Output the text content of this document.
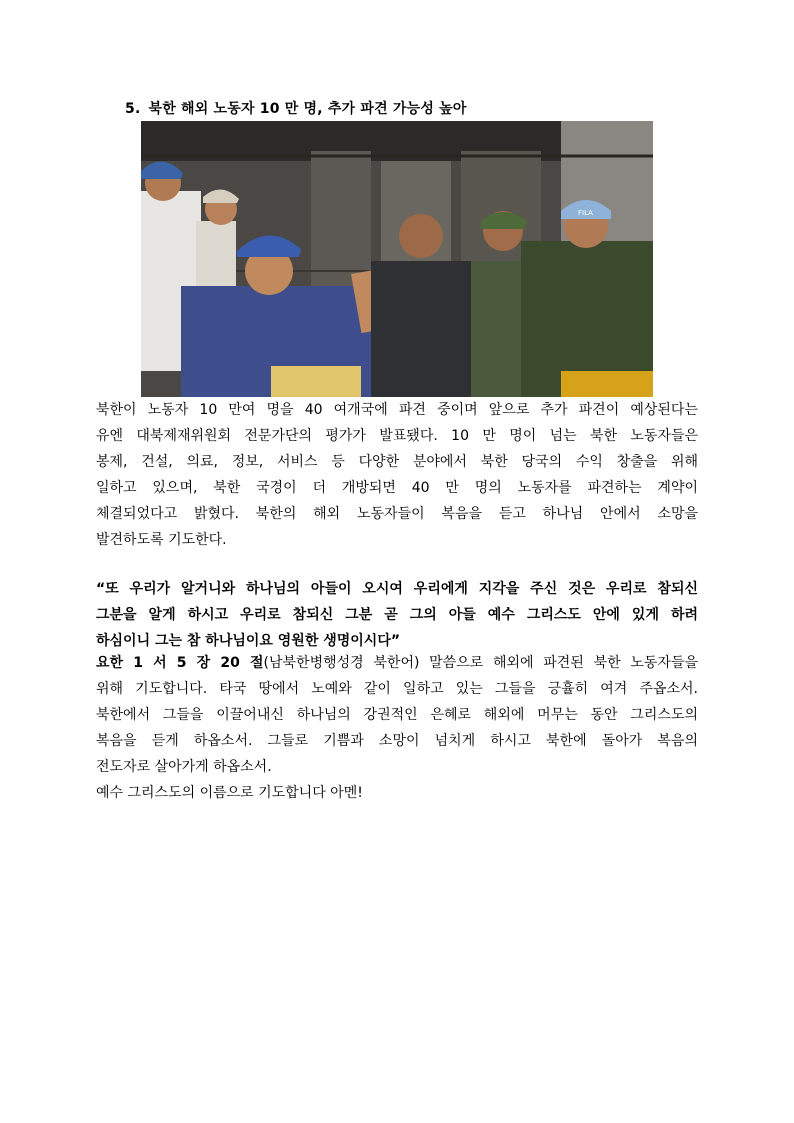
5. 북한 해외 노동자 10 만 명, 추가 파견 가능성 높아
FILA
북한이 노동자 10 만여 명을 40 여개국에 파견 중이며 앞으로 추가 파견이 예상된다는
유엔 대북제재위원회 전문가단의 평가가 발표됐다. 10 만 명이 넘는 북한 노동자들은
봉제, 건설, 의료, 정보, 서비스 등 다양한 분야에서 북한 당국의 수익 창출을 위해
일하고 있으며, 북한 국경이 더 개방되면 40 만 명의 노동자를 파견하는 계약이
체결되었다고 밝혔다. 북한의 해외 노동자들이 복음을 듣고 하나님 안에서 소망을
발견하도록 기도한다.
“또 우리가 알거니와 하나님의 아들이 오시여 우리에게 지각을 주신 것은 우리로 참되신
그분을 알게 하시고 우리로 참되신 그분 곧 그의 아들 예수 그리스도 안에 있게 하려
하심이니 그는 참 하나님이요 영원한 생명이시다”
요한 1 서 5 장 20 절(남북한병행성경 북한어) 말씀으로 해외에 파견된 북한 노동자들을
위해 기도합니다. 타국 땅에서 노예와 같이 일하고 있는 그들을 긍휼히 여겨 주옵소서.
북한에서 그들을 이끌어내신 하나님의 강권적인 은혜로 해외에 머무는 동안 그리스도의
복음을 듣게 하옵소서. 그들로 기쁨과 소망이 넘치게 하시고 북한에 돌아가 복음의
전도자로 살아가게 하옵소서.
예수 그리스도의 이름으로 기도합니다 아멘!
